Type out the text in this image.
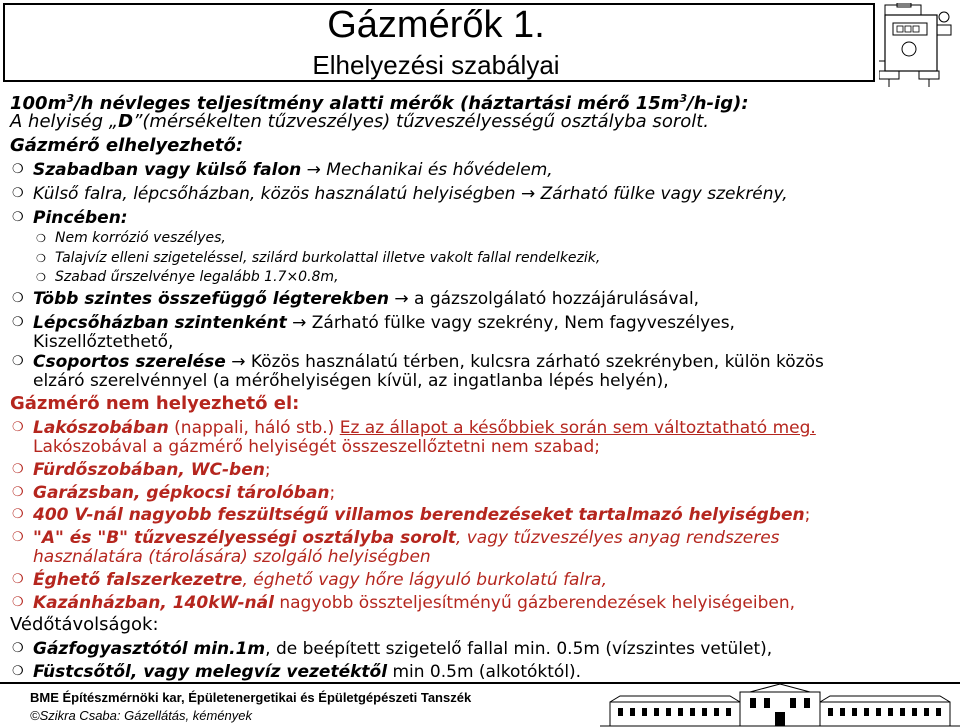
Gázmérők 1.
Elhelyezési szabályai
$100m^3/h$ névleges teljesítmény alatti mérők (háztartási mérő $15m^3/h-ig$):
A helyiség „D”(mérsékelten tűzveszélyes) tűzveszélyességű osztályba sorolt.
Gázmérő elhelyezhető:
❍ Szabadban vagy külső falon → Mechanikai és hővédelem,
❍ Külső falra, lépcsőházban, közös használatú helyiségben → Zárható fülke vagy szekrény,
❍ Pincében:
❍ Nem korrózió veszélyes,
❍ Talajvíz elleni szigeteléssel, szilárd burkolattal illetve vakolt fallal rendelkezik,
❍ Szabad űrszelvénye legalább 1.7×0.8m,
❍ Több szintes összefüggő légterekben → a gázszolgálató hozzájárulásával,
❍ Lépcsőházban szintenként → Zárható fülke vagy szekrény, Nem fagyveszélyes,
Kiszellőztethető,
❍ Csoportos szerelése → Közös használatú térben, kulcsra zárható szekrényben, külön közös
elzáró szerelvénnyel (a mérőhelyiségen kívül, az ingatlanba lépés helyén),
Gázmérő nem helyezhető el:
❍ Lakószobában (nappali, háló stb.) Ez az állapot a későbbiek során sem változtatható meg.
Lakószobával a gázmérő helyiségét összeszellőztetni nem szabad;
❍ Fürdőszobában, WC-ben;
❍ Garázsban, gépkocsi tárolóban;
❍ 400 V-nál nagyobb feszültségű villamos berendezéseket tartalmazó helyiségben;
❍ "A" és "B" tűzveszélyességi osztályba sorolt, vagy tűzveszélyes anyag rendszeres
használatára (tárolására) szolgáló helyiségben
❍ Éghető falszerkezetre, éghető vagy hőre lágyuló burkolatú falra,
❍ Kazánházban, 140kW-nál nagyobb összteljesítményű gázberendezések helyiségeiben,
Védőtávolságok:
❍ Gázfogyasztótól min.1m, de beépített szigetelő fallal min. 0.5m (vízszintes vetület),
❍ Füstcsőtől, vagy melegvíz vezetéktől min 0.5m (alkotóktól).
BME Építészmérnöki kar, Épületenergetikai és Épületgépészeti Tanszék
©Szikra Csaba: Gázellátás, kémények
